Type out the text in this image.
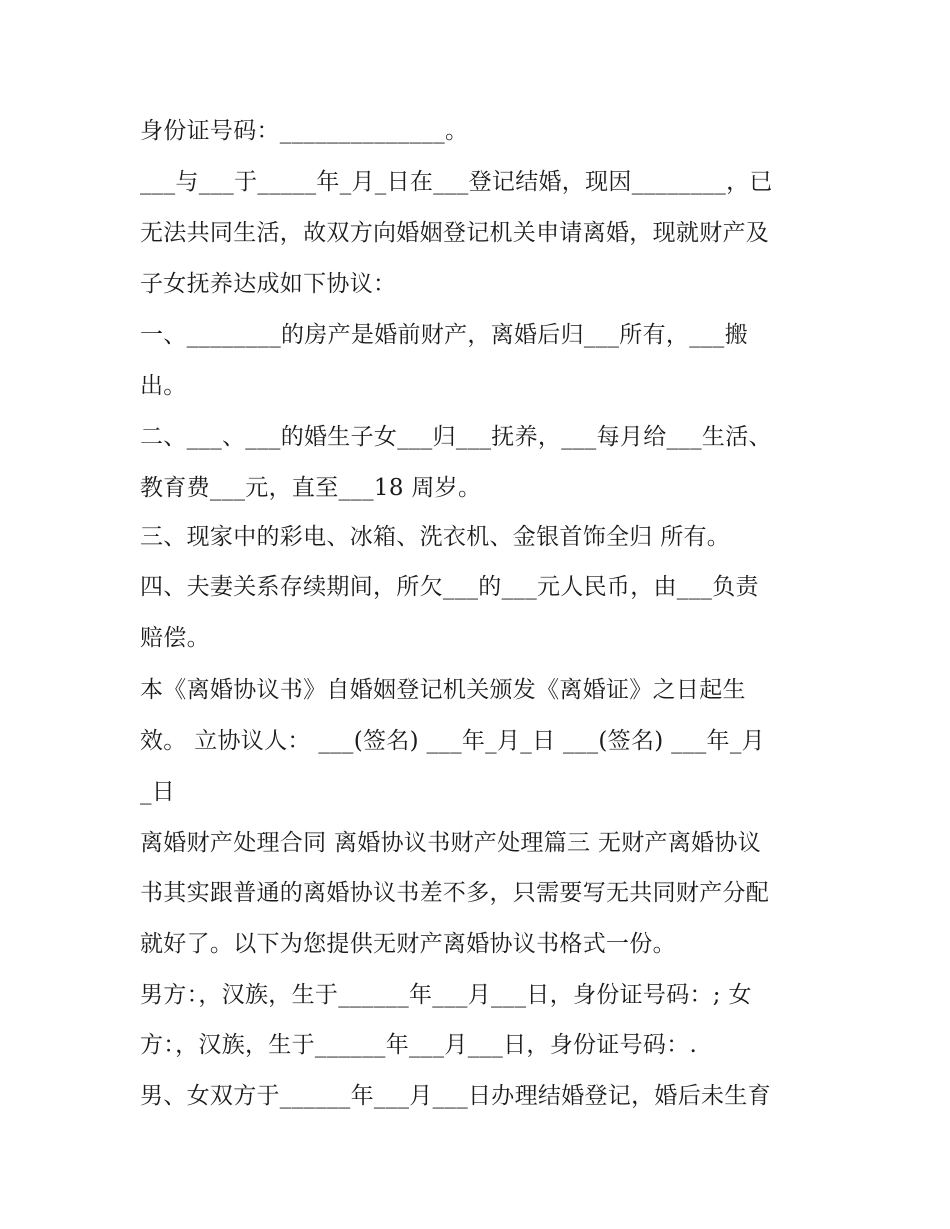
身份证号码：______________。
___与___于_____年_月_日在___登记结婚，现因________，已
无法共同生活，故双方向婚姻登记机关申请离婚，现就财产及
子女抚养达成如下协议：
一、________的房产是婚前财产，离婚后归___所有，___搬
出。
二、___、___的婚生子女___归___抚养，___每月给___生活、
教育费___元，直至___18 周岁。
三、现家中的彩电、冰箱、洗衣机、金银首饰全归 所有。
四、夫妻关系存续期间，所欠___的___元人民币，由___负责
赔偿。
本《离婚协议书》自婚姻登记机关颁发《离婚证》之日起生
效。 立协议人： ___(签名) ___年_月_日 ___(签名) ___年_月
_日
离婚财产处理合同 离婚协议书财产处理篇三 无财产离婚协议
书其实跟普通的离婚协议书差不多，只需要写无共同财产分配
就好了。以下为您提供无财产离婚协议书格式一份。
男方：，汉族，生于______年___月___日，身份证号码：; 女
方：，汉族，生于______年___月___日，身份证号码：.
男、女双方于______年___月___日办理结婚登记，婚后未生育
